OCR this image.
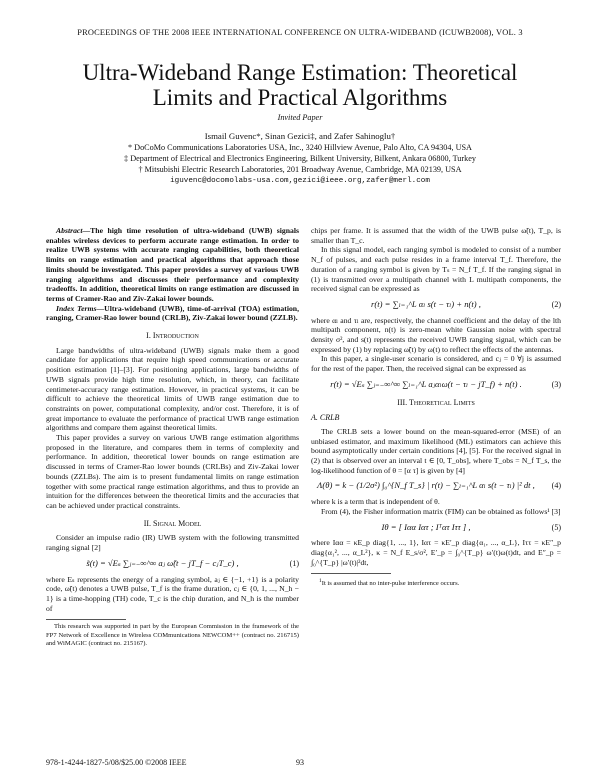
PROCEEDINGS OF THE 2008 IEEE INTERNATIONAL CONFERENCE ON ULTRA-WIDEBAND (ICUWB2008), VOL. 3
Ultra-Wideband Range Estimation: Theoretical
Limits and Practical Algorithms
Invited Paper
Ismail Guvenc*, Sinan Gezici‡, and Zafer Sahinoglu†
* DoCoMo Communications Laboratories USA, Inc., 3240 Hillview Avenue, Palo Alto, CA 94304, USA
‡ Department of Electrical and Electronics Engineering, Bilkent University, Bilkent, Ankara 06800, Turkey
† Mitsubishi Electric Research Laboratories, 201 Broadway Avenue, Cambridge, MA 02139, USA
iguvenc@docomolabs-usa.com,gezici@ieee.org,zafer@merl.com

Abstract—The high time resolution of ultra-wideband (UWB) signals enables wireless devices to perform accurate range estimation. In order to realize UWB systems with accurate ranging capabilities, both theoretical limits on range estimation and practical algorithms that approach those limits should be investigated. This paper provides a survey of various UWB ranging algorithms and discusses their performance and complexity tradeoffs. In addition, theoretical limits on range estimation are discussed in terms of Cramer-Rao and Ziv-Zakai lower bounds.

Index Terms—Ultra-wideband (UWB), time-of-arrival (TOA) estimation, ranging, Cramer-Rao lower bound (CRLB), Ziv-Zakai lower bound (ZZLB).

I. Introduction

Large bandwidths of ultra-wideband (UWB) signals make them a good candidate for applications that require high speed communications or accurate position estimation [1]–[3]. For positioning applications, large bandwidths of UWB signals provide high time resolution, which, in theory, can facilitate centimeter-accuracy range estimation. However, in practical systems, it can be difficult to achieve the theoretical limits of UWB range estimation due to constraints on power, computational complexity, and/or cost. Therefore, it is of great importance to evaluate the performance of practical UWB range estimation algorithms and compare them against theoretical limits.

This paper provides a survey on various UWB range estimation algorithms proposed in the literature, and compares them in terms of complexity and performance. In addition, theoretical lower bounds on range estimation are discussed in terms of Cramer-Rao lower bounds (CRLBs) and Ziv-Zakai lower bounds (ZZLBs). The aim is to present fundamental limits on range estimation together with some practical range estimation algorithms, and thus to provide an intuition for the differences between the theoretical limits and the accuracies that can be achieved under practical constraints.

II. Signal Model

Consider an impulse radio (IR) UWB system with the following transmitted ranging signal [2]

s̃(t) = √Eₛ ∑ⱼ₌₋∞^∞ aⱼ ω̃(t − jT_f − cⱼT_c) ,	(1)

where Eₛ represents the energy of a ranging symbol, aⱼ ∈ {−1, +1} is a polarity code, ω̃(t) denotes a UWB pulse, T_f is the frame duration, cⱼ ∈ {0, 1, ..., N_h − 1} is a time-hopping (TH) code, T_c is the chip duration, and N_h is the number of

This research was supported in part by the European Commission in the framework of the FP7 Network of Excellence in Wireless COMmunications NEWCOM++ (contract no. 216715) and WiMAGIC (contract no. 215167).

chips per frame. It is assumed that the width of the UWB pulse ω̃(t), T_p, is smaller than T_c.

In this signal model, each ranging symbol is modeled to consist of a number N_f of pulses, and each pulse resides in a frame interval T_f. Therefore, the duration of a ranging symbol is given by Tₛ = N_f T_f. If the ranging signal in (1) is transmitted over a multipath channel with L multipath components, the received signal can be expressed as

r(t) = ∑ₗ₌₁^L αₗ s(t − τₗ) + n(t) ,	(2)

where αₗ and τₗ are, respectively, the channel coefficient and the delay of the lth multipath component, n(t) is zero-mean white Gaussian noise with spectral density σ², and s(t) represents the received UWB ranging signal, which can be expressed by (1) by replacing ω̃(t) by ω(t) to reflect the effects of the antennas.

In this paper, a single-user scenario is considered, and cⱼ = 0 ∀j is assumed for the rest of the paper. Then, the received signal can be expressed as

r(t) = √Eₛ ∑ⱼ₌₋∞^∞ ∑ₗ₌₁^L aⱼαₗω(t − τₗ − jT_f) + n(t) .	(3)
III. Theoretical Limits
A. CRLB

The CRLB sets a lower bound on the mean-squared-error (MSE) of an unbiased estimator, and maximum likelihood (ML) estimators can achieve this bound asymptotically under certain conditions [4], [5]. For the received signal in (2) that is observed over an interval t ∈ [0, T_obs], where T_obs = N_f T_s, the log-likelihood function of θ = [α τ] is given by [4]

Λ(θ) = k − (1/2σ²) ∫₀^{N_f T_s} | r(t) − ∑ₗ₌₁^L αₗ s(t − τₗ) |² dt ,	(4)

where k is a term that is independent of θ.

From (4), the Fisher information matrix (FIM) can be obtained as follows¹ [3]

Iθ = [ Iαα Iατ ; Iᵀατ Iττ ] ,	(5)

where Iαα = κE_p diag{1, ..., 1}, Iατ = κE′_p diag{α₁, ..., α_L}, Iττ = κE″_p diag{α₁², ..., α_L²}, κ = N_f E_s/σ², E′_p = ∫₀^{T_p} ω′(t)ω(t)dt, and E″_p = ∫₀^{T_p} |ω′(t)|²dt,

$^1$It is assumed that no inter-pulse interference occurs.
978-1-4244-1827-5/08/$25.00 ©2008 IEEE	93
